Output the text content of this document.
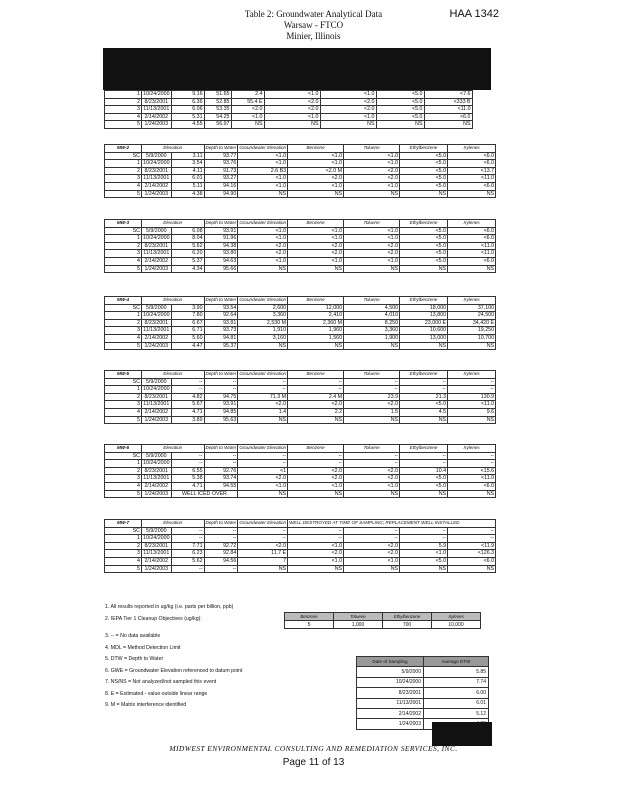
Table 2: Groundwater Analytical Data
Warsaw - FTCO
Minier, Illinois
HAA 1342
1	10/24/2000	9.16	51.65	2.4	<1.0	<1.0	<5.0	<7.6
2	8/23/2001	6.36	52.85	55.4 E	<2.0	<2.0	<5.0	<333 B
3	11/13/2001	6.06	53.35	<2.0	<2.0	<2.0	<5.0	<11.0
4	2/14/2002	5.31	54.25	<1.0	<1.0	<1.0	<5.0	<6.0
5	1/24/2003	4.55	56.97	NS	NS	NS	NS	NS
MW-2	Elevation		Depth to Water	Groundwater Elevation	Benzene	Toluene	Ethylbenzene	Xylenes
SC	5/9/2000	3.11	93.77	<1.0	<1.0	<1.0	<5.0	<6.0
1	10/24/2000	3.54	93.76	<1.0	<1.0	<1.0	<5.0	<6.0
2	8/23/2001	4.11	91.73	2.6 B3	<2.0 M	<2.0	<5.0	<13.7
3	11/13/2001	6.01	93.27	<1.0	<2.0	<2.0	<5.0	<11.0
4	2/14/2002	5.11	94.16	<1.0	<1.0	<1.0	<5.0	<6.0
5	1/24/2003	4.38	94.90	NS	NS	NS	NS	NS
MW-3	Elevation		Depth to Water	Groundwater Elevation	Benzene	Toluene	Ethylbenzene	Xylenes
SC	5/9/2000	6.08	93.91	<1.0	<1.0	<1.0	<5.0	<6.0
1	10/24/2000	8.04	91.96	<1.0	<1.0	<1.0	<5.0	<6.0
2	8/23/2001	5.62	94.38	<2.0	<2.0	<2.0	<5.0	<11.0
3	11/13/2001	6.20	93.80	<2.0	<2.0	<2.0	<5.0	<11.0
4	2/14/2002	5.37	94.63	<1.0	<1.0	<1.0	<5.0	<6.0
5	1/24/2003	4.34	95.66	NS	NS	NS	NS	NS
MW-4	Elevation		Depth to Water	Groundwater Elevation	Benzene	Toluene	Ethylbenzene	Xylenes
SC	5/9/2000	3.90	93.54	2,600	12,000	4,500	18,000	37,100
1	10/24/2000	7.80	92.64	3,360	2,410	4,010	13,800	24,500
2	8/23/2001	6.67	93.81	2,530 M	2,360 M	8,250	23,000 E	34,420 E
3	11/13/2001	6.71	93.73	1,910	1,960	3,360	10,600	19,250
4	2/14/2002	5.60	94.81	3,160	1,560	1,900	13,000	10,700
5	1/24/2003	4.47	95.37	NS	NS	NS	NS	NS
MW-5	Elevation		Depth to Water	Groundwater Elevation	Benzene	Toluene	Ethylbenzene	Xylenes
SC	5/9/2000	--	--	--	--	--	--	--
1	10/24/2000	--	--	--	--	--	--	--
2	8/23/2001	4.82	94.75	71.3 M	2.4 M	23.9	21.3	130.9
3	11/13/2001	5.67	93.91	<2.0	<2.0	<2.0	<5.0	<11.0
4	2/14/2002	4.71	94.85	1.4	2.2	1.5	4.5	9.6
5	1/24/2003	3.89	95.63	NS	NS	NS	NS	NS
MW-6	Elevation		Depth to Water	Groundwater Elevation	Benzene	Toluene	Ethylbenzene	Xylenes
SC	5/9/2000	--	--	--	--	--	--	--
1	10/24/2000	--	--	--	--	--	--	--
2	8/23/2001	6.55	92.76	<1	<2.0	<2.0	10.4	<15.6
3	11/13/2001	5.38	93.74	<2.0	<2.0	<2.0	<5.0	<11.0
4	2/14/2002	4.71	94.55	<1.0	<1.0	<1.0	<5.0	<6.0
5	1/24/2003	WELL ICED OVER		NS	NS	NS	NS	NS
MW-7	Elevation		Depth to Water	Groundwater Elevation	WELL DESTROYED AT TIME OF SAMPLING; REPLACEMENT WELL INSTALLED			
SC	5/9/2000	--	--	--	--	--	--	--
1	10/24/2000	--	--	--	--	--	--	--
2	8/23/2001	7.71	92.72	<2.0	<1.0	<2.0	5.9	<11.9
3	11/13/2001	6.23	92.84	11.7 E	<2.0	<2.0	<1.0	<126.3
4	2/14/2002	5.62	94.56	7	<1.0	<1.0	<5.0	<6.0
5	1/24/2003	--	--	NS	NS	NS	NS	NS
1. All results reported in ug/kg (i.e. parts per billion, ppb)
2. IEPA Tier 1 Cleanup Objectives (ug/kg):
3. -- = No data available
4. MDL = Method Detection Limit
5. DTW = Depth to Water
6. GWE = Groundwater Elevation referenced to datum point
7. NS/NS = Not analyzed/not sampled this event
8. E = Estimated - value outside linear range
9. M = Matrix interference identified
Benzene	Toluene	Ethylbenzene	Xylenes
5	1,000	700	10,000
Date of Sampling	Average DTW
5/9/2000	5.85
10/24/2000	7.74
8/23/2001	6.00
11/13/2001	6.01
2/14/2002	5.12
1/24/2003	
MIDWEST ENVIRONMENTAL CONSULTING AND REMEDIATION SERVICES, INC.
Page 11 of 13
